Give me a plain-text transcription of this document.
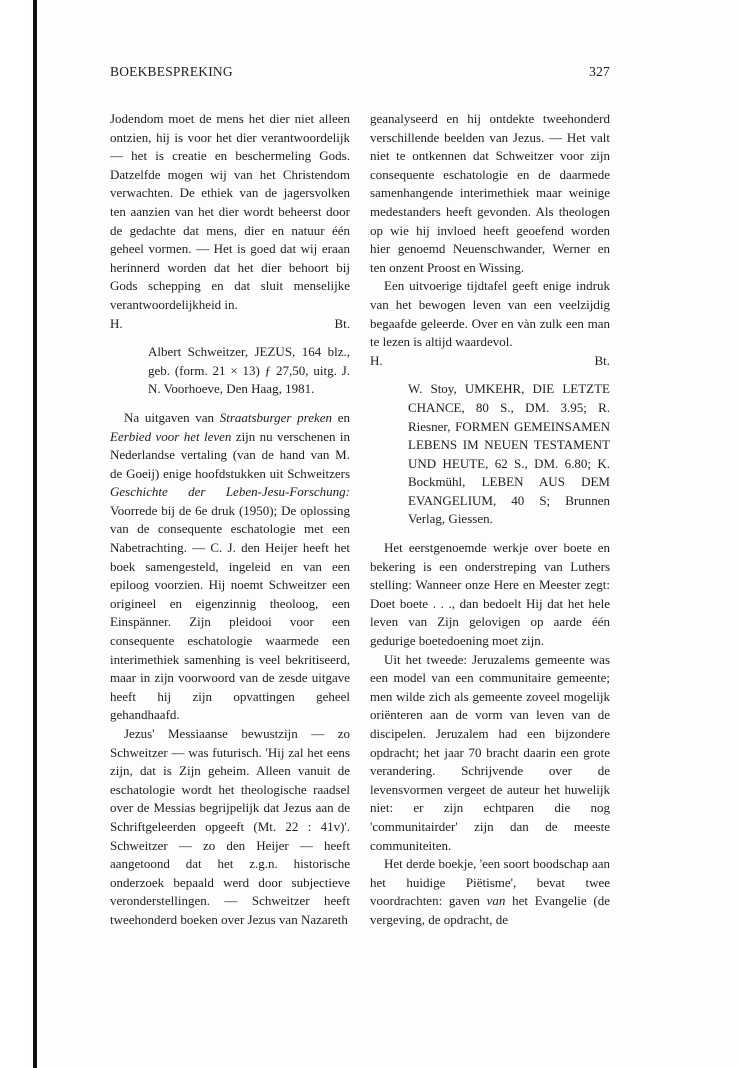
BOEKBESPREKING	327

Jodendom moet de mens het dier niet alleen ontzien, hij is voor het dier verantwoordelijk — het is creatie en beschermeling Gods. Datzelfde mogen wij van het Christendom verwachten. De ethiek van de jagersvolken ten aanzien van het dier wordt beheerst door de gedachte dat mens, dier en natuur één geheel vormen. — Het is goed dat wij eraan herinnerd worden dat het dier behoort bij Gods schepping en dat sluit menselijke verantwoordelijkheid in.

H.	Bt.

Albert Schweitzer, JEZUS, 164 blz., geb. (form. 21 × 13) ƒ 27,50, uitg. J. N. Voorhoeve, Den Haag, 1981.

Na uitgaven van Straatsburger preken en Eerbied voor het leven zijn nu verschenen in Nederlandse vertaling (van de hand van M. de Goeij) enige hoofdstukken uit Schweitzers Geschichte der Leben-Jesu-Forschung: Voorrede bij de 6e druk (1950); De oplossing van de consequente eschatologie met een Nabetrachting. — C. J. den Heijer heeft het boek samengesteld, ingeleid en van een epiloog voorzien. Hij noemt Schweitzer een origineel en eigenzinnig theoloog, een Einspänner. Zijn pleidooi voor een consequente eschatologie waarmede een interimethiek samenhing is veel bekritiseerd, maar in zijn voorwoord van de zesde uitgave heeft hij zijn opvattingen geheel gehandhaafd.

Jezus' Messiaanse bewustzijn — zo Schweitzer — was futurisch. 'Hij zal het eens zijn, dat is Zijn geheim. Alleen vanuit de eschatologie wordt het theologische raadsel over de Messias begrijpelijk dat Jezus aan de Schriftgeleerden opgeeft (Mt. 22 : 41v)'. Schweitzer — zo den Heijer — heeft aangetoond dat het z.g.n. historische onderzoek bepaald werd door subjectieve veronderstellingen. — Schweitzer heeft tweehonderd boeken over Jezus van Nazareth

geanalyseerd en hij ontdekte tweehonderd verschillende beelden van Jezus. — Het valt niet te ontkennen dat Schweitzer voor zijn consequente eschatologie en de daarmede samenhangende interimethiek maar weinige medestanders heeft gevonden. Als theologen op wie hij invloed heeft geoefend worden hier genoemd Neuenschwander, Werner en ten onzent Proost en Wissing.

Een uitvoerige tijdtafel geeft enige indruk van het bewogen leven van een veelzijdig begaafde geleerde. Over en vàn zulk een man te lezen is altijd waardevol.

H.	Bt.

W. Stoy, UMKEHR, DIE LETZTE CHANCE, 80 S., DM. 3.95; R. Riesner, FORMEN GEMEINSAMEN LEBENS IM NEUEN TESTAMENT UND HEUTE, 62 S., DM. 6.80; K. Bockmühl, LEBEN AUS DEM EVANGELIUM, 40 S; Brunnen Verlag, Giessen.

Het eerstgenoemde werkje over boete en bekering is een onderstreping van Luthers stelling: Wanneer onze Here en Meester zegt: Doet boete . . ., dan bedoelt Hij dat het hele leven van Zijn gelovigen op aarde één gedurige boetedoening moet zijn.

Uit het tweede: Jeruzalems gemeente was een model van een communitaire gemeente; men wilde zich als gemeente zoveel mogelijk oriënteren aan de vorm van leven van de discipelen. Jeruzalem had een bijzondere opdracht; het jaar 70 bracht daarin een grote verandering. Schrijvende over de levensvormen vergeet de auteur het huwelijk niet: er zijn echtparen die nog 'communitairder' zijn dan de meeste communiteiten.

Het derde boekje, 'een soort boodschap aan het huidige Piëtisme', bevat twee voordrachten: gaven van het Evangelie (de vergeving, de opdracht, de
